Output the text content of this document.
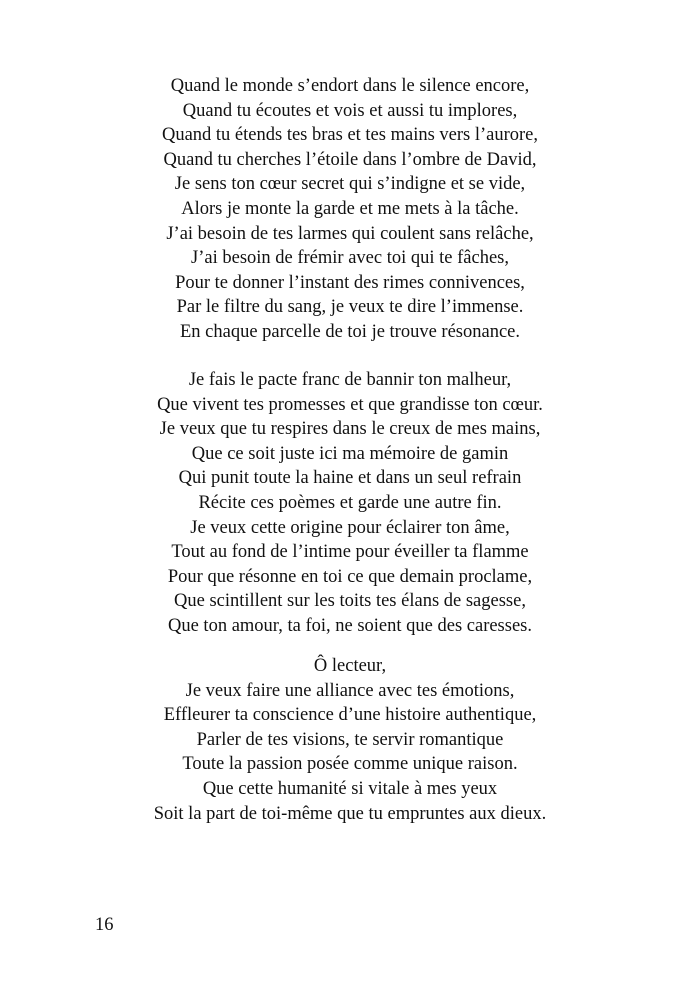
Quand le monde s’endort dans le silence encore,
Quand tu écoutes et vois et aussi tu implores,
Quand tu étends tes bras et tes mains vers l’aurore,
Quand tu cherches l’étoile dans l’ombre de David,
Je sens ton cœur secret qui s’indigne et se vide,
Alors je monte la garde et me mets à la tâche.
J’ai besoin de tes larmes qui coulent sans relâche,
J’ai besoin de frémir avec toi qui te fâches,
Pour te donner l’instant des rimes connivences,
Par le filtre du sang, je veux te dire l’immense.
En chaque parcelle de toi je trouve résonance.
Je fais le pacte franc de bannir ton malheur,
Que vivent tes promesses et que grandisse ton cœur.
Je veux que tu respires dans le creux de mes mains,
Que ce soit juste ici ma mémoire de gamin
Qui punit toute la haine et dans un seul refrain
Récite ces poèmes et garde une autre fin.
Je veux cette origine pour éclairer ton âme,
Tout au fond de l’intime pour éveiller ta flamme
Pour que résonne en toi ce que demain proclame,
Que scintillent sur les toits tes élans de sagesse,
Que ton amour, ta foi, ne soient que des caresses.
Ô lecteur,
Je veux faire une alliance avec tes émotions,
Effleurer ta conscience d’une histoire authentique,
Parler de tes visions, te servir romantique
Toute la passion posée comme unique raison.
Que cette humanité si vitale à mes yeux
Soit la part de toi-même que tu empruntes aux dieux.
16
